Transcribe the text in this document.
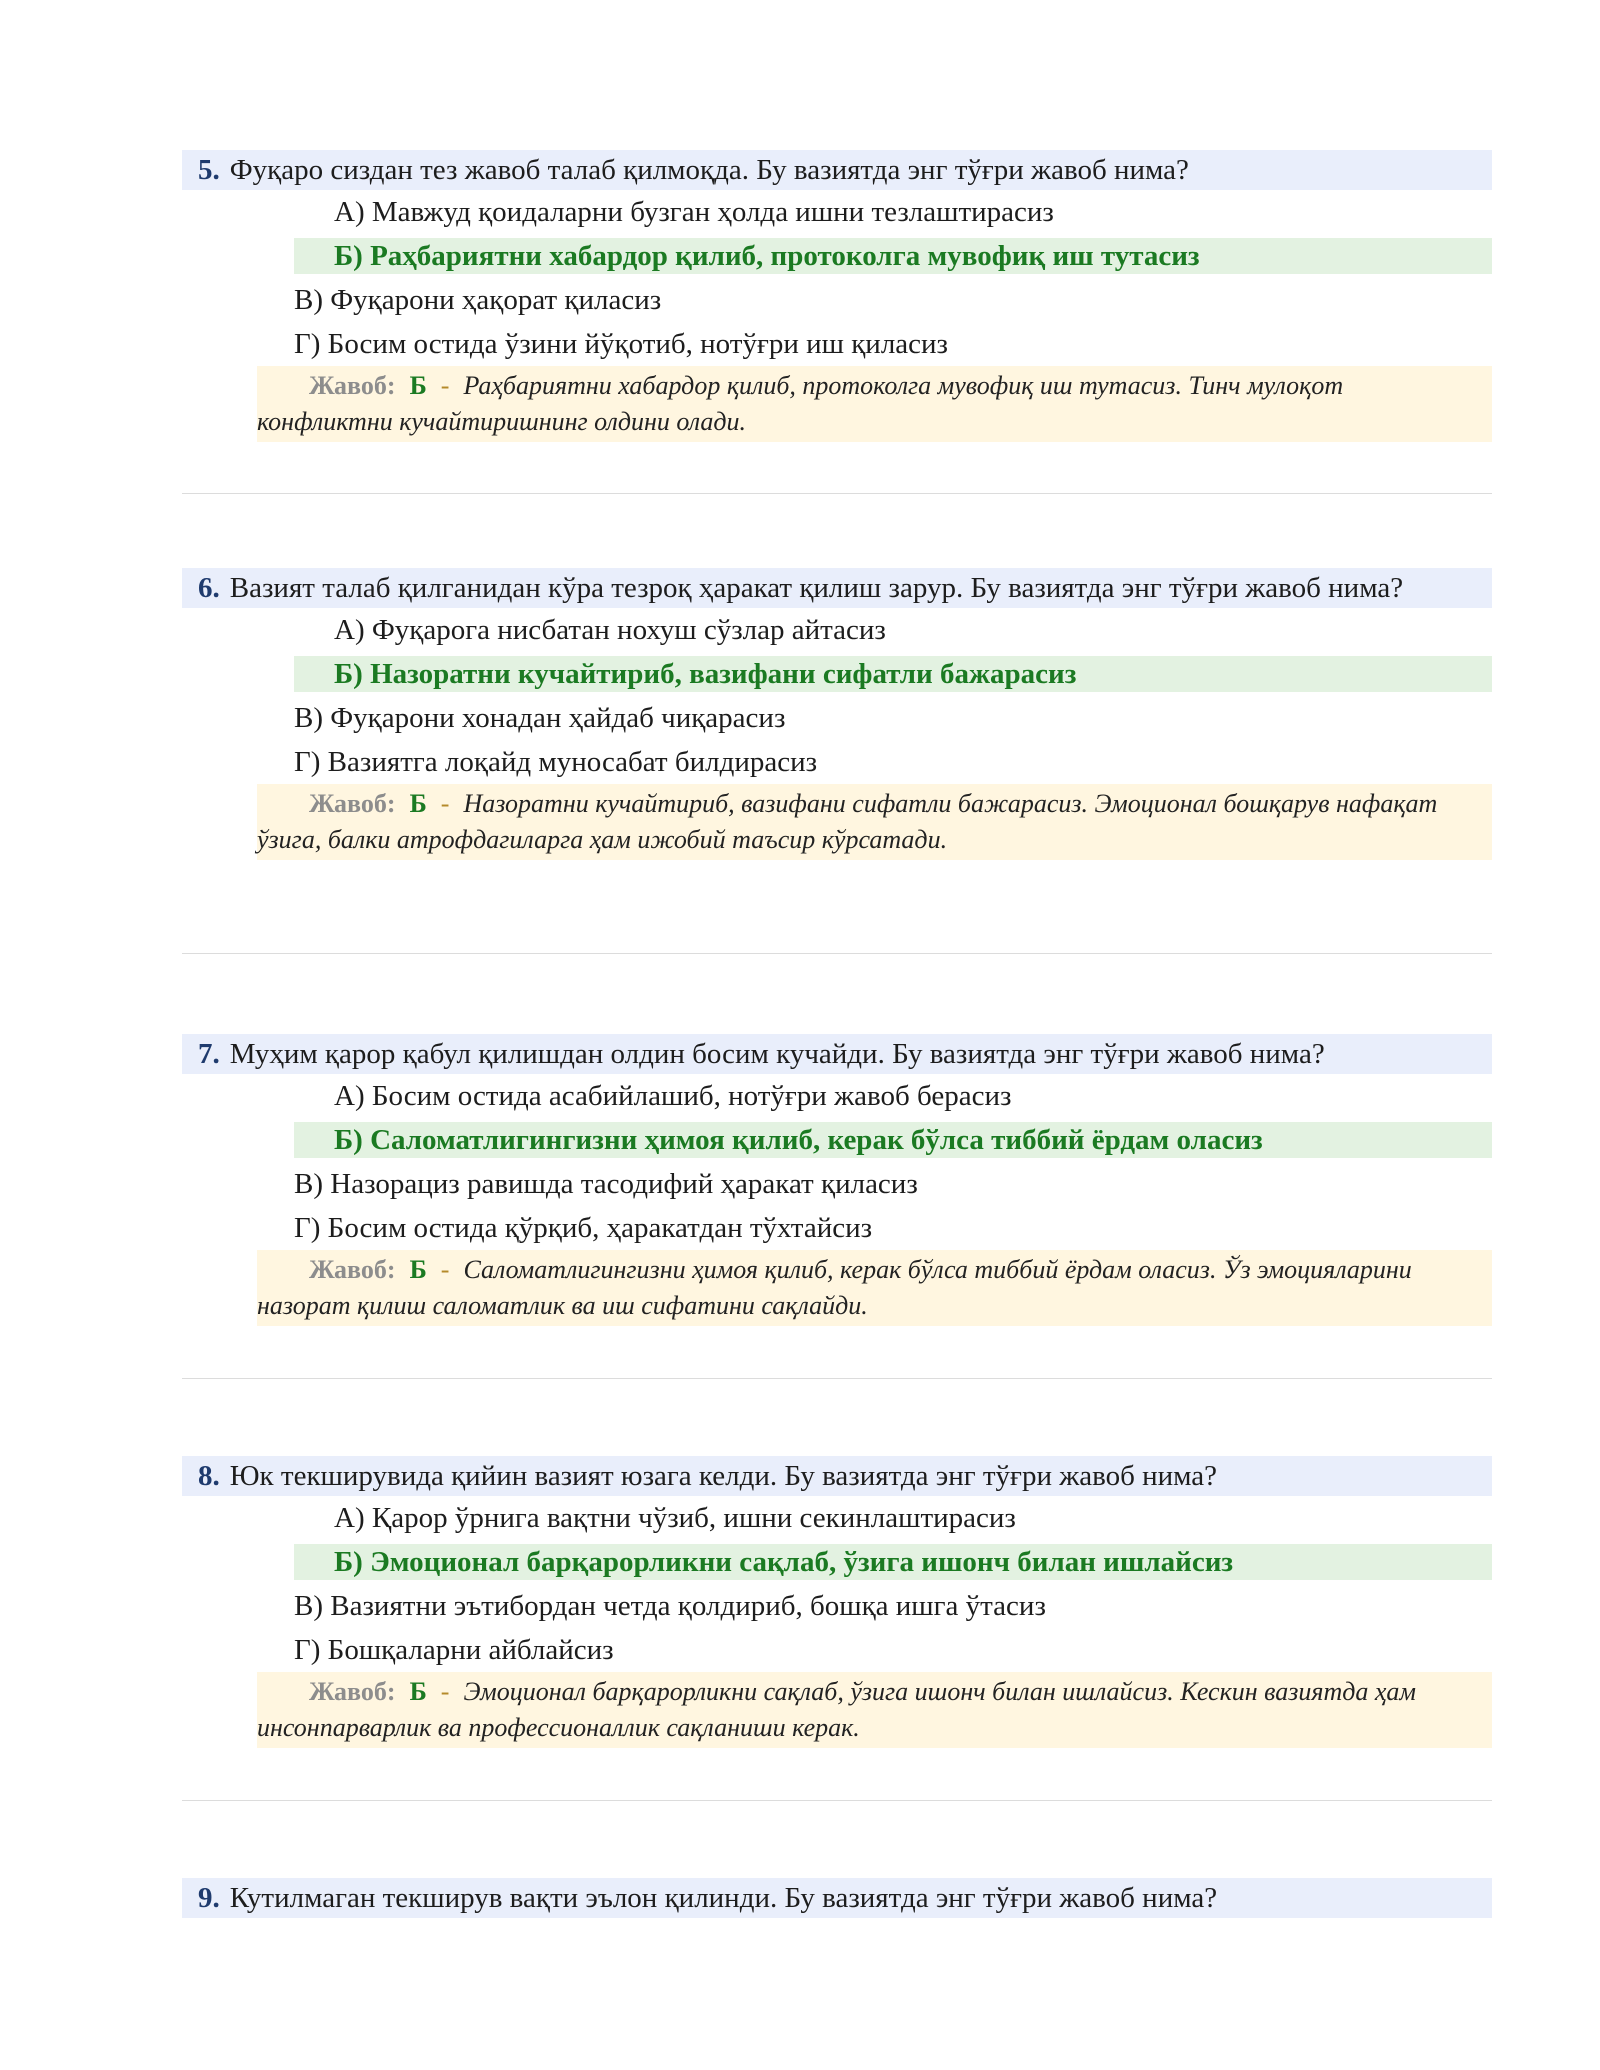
5. Фуқаро сиздан тез жавоб талаб қилмоқда. Бу вазиятда энг тўғри жавоб нима?
А) Мавжуд қоидаларни бузган ҳолда ишни тезлаштирасиз
Б) Раҳбариятни хабардор қилиб, протоколга мувофиқ иш тутасиз
В) Фуқарони ҳақорат қиласиз
Г) Босим остида ўзини йўқотиб, нотўғри иш қиласиз
Жавоб: Б - Раҳбариятни хабардор қилиб, протоколга мувофиқ иш тутасиз. Тинч мулоқот конфликтни кучайтиришнинг олдини олади.
6. Вазият талаб қилганидан кўра тезроқ ҳаракат қилиш зарур. Бу вазиятда энг тўғри жавоб нима?
А) Фуқарога нисбатан нохуш сўзлар айтасиз
Б) Назоратни кучайтириб, вазифани сифатли бажарасиз
В) Фуқарони хонадан ҳайдаб чиқарасиз
Г) Вазиятга лоқайд муносабат билдирасиз
Жавоб: Б - Назоратни кучайтириб, вазифани сифатли бажарасиз. Эмоционал бошқарув нафақат ўзига, балки атрофдагиларга ҳам ижобий таъсир кўрсатади.
7. Муҳим қарор қабул қилишдан олдин босим кучайди. Бу вазиятда энг тўғри жавоб нима?
А) Босим остида асабийлашиб, нотўғри жавоб берасиз
Б) Саломатлигингизни ҳимоя қилиб, керак бўлса тиббий ёрдам оласиз
В) Назорациз равишда тасодифий ҳаракат қиласиз
Г) Босим остида қўрқиб, ҳаракатдан тўхтайсиз
Жавоб: Б - Саломатлигингизни ҳимоя қилиб, керак бўлса тиббий ёрдам оласиз. Ўз эмоцияларини назорат қилиш саломатлик ва иш сифатини сақлайди.
8. Юк текширувида қийин вазият юзага келди. Бу вазиятда энг тўғри жавоб нима?
А) Қарор ўрнига вақтни чўзиб, ишни секинлаштирасиз
Б) Эмоционал барқарорликни сақлаб, ўзига ишонч билан ишлайсиз
В) Вазиятни эътибордан четда қолдириб, бошқа ишга ўтасиз
Г) Бошқаларни айблайсиз
Жавоб: Б - Эмоционал барқарорликни сақлаб, ўзига ишонч билан ишлайсиз. Кескин вазиятда ҳам инсонпарварлик ва профессионаллик сақланиши керак.
9. Кутилмаган текширув вақти эълон қилинди. Бу вазиятда энг тўғри жавоб нима?
